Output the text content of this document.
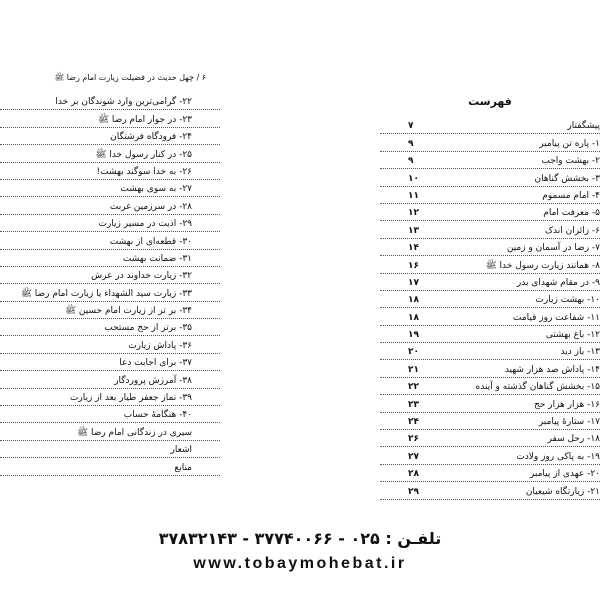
۶ / چهل حدیث در فضیلت زیارت امام رضا ﷺ
۲۲- گرامی‌ترین وارد شوندگان بر خدا
۲۳- در جوار امام رضا ﷺ
۲۴- فرودگاه فرشتگان
۲۵- در کنار رسول خدا ﷺ
۲۶- به خدا سوگند بهشت!
۲۷- به سوی بهشت
۲۸- در سرزمین غربت
۲۹- اذیت در مسیر زیارت
۳۰- قطعه‌ای از بهشت
۳۱- ضمانت بهشت
۳۲- زیارت خداوند در عرش
۳۳- زیارت سید الشهداء یا زیارت امام رضا ﷺ
۳۴- بر تر از زیارت امام حسین ﷺ
۳۵- برتر از حج مستحب
۳۶- پاداش زیارت
۳۷- برای اجابت دعا
۳۸- آمرزش پروردگار
۳۹- نماز جعفر طیار بعد از زیارت
۴۰- هنگامهٔ حساب
سیری در زندگانی امام رضا ﷺ
اشعار
منابع
فهرست
پیشگفتار
۷
۱- پاره تن پیامبر
۹
۲- بهشت واجب
۹
۳- بخشش گناهان
۱۰
۴- امام مسموم
۱۱
۵- معرفت امام
۱۲
۶- زائران اندک
۱۳
۷- رضا در آسمان و زمین
۱۴
۸- همانند زیارت رسول خدا ﷺ
۱۶
۹- در مقام شهدای بدر
۱۷
۱۰- بهشت زیارت
۱۸
۱۱- شفاعت روز قیامت
۱۸
۱۲- باغ بهشتی
۱۹
۱۳- باز دید
۲۰
۱۴- پاداش صد هزار شهید
۲۱
۱۵- بخشش گناهان گذشته و آینده
۲۲
۱۶- هزار هزار حج
۲۳
۱۷- ستارهٔ پیامبر
۲۴
۱۸- رحل سفر
۲۶
۱۹- به پاکی روز ولادت
۲۷
۲۰- عهدی از پیامبر
۲۸
۲۱- زیارتگاه شیعیان
۲۹
تلفـن : ۰۲۵ - ۳۷۷۴۰۰۶۶ - ۳۷۸۳۲۱۴۳
www.tobaymohebat.ir
